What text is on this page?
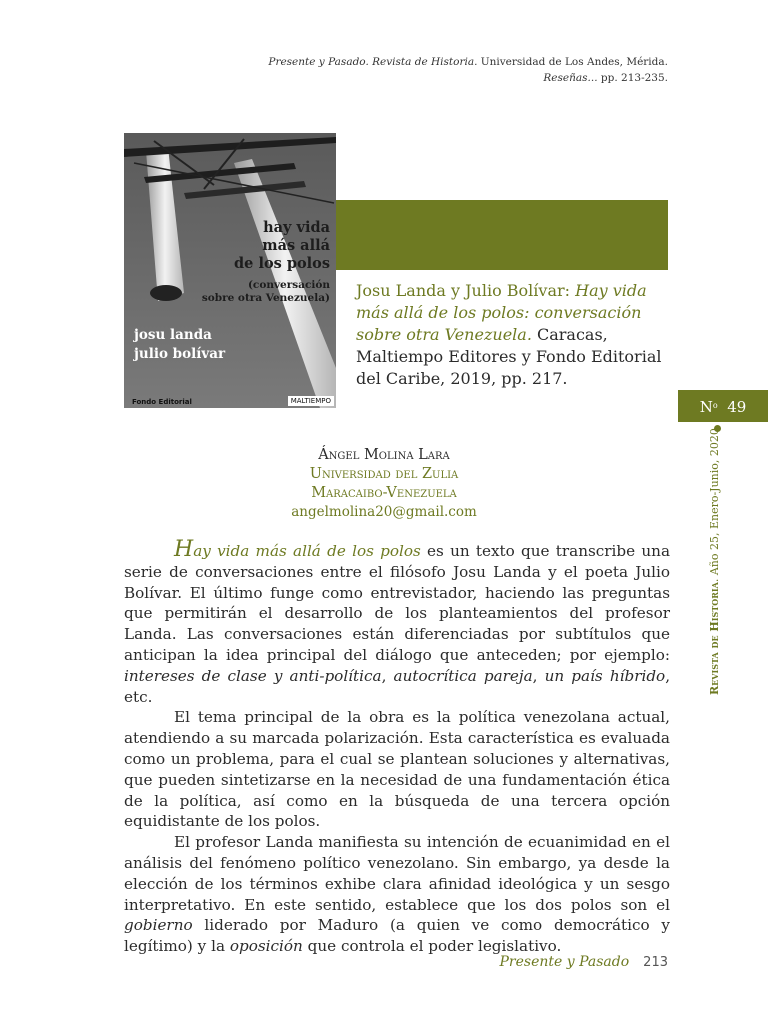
Presente y Pasado. Revista de Historia. Universidad de Los Andes, Mérida.
Reseñas... pp. 213-235.
hay vida
más allá
de los polos
(conversación
sobre otra Venezuela)
josu landa
julio bolívar
Fondo Editorial	MALTIEMPO
Josu Landa y Julio Bolívar: Hay vida más allá de los polos: conversación sobre otra Venezuela. Caracas, Maltiempo Editores y Fondo Editorial del Caribe, 2019, pp. 217.
$N^o$ 49
Revista de Historia. Año 25, Enero-Junio, 2020
Ángel Molina Lara
Universidad del Zulia
Maracaibo-Venezuela
angelmolina20@gmail.com

Hay vida más allá de los polos es un texto que transcribe una serie de conversaciones entre el filósofo Josu Landa y el poeta Julio Bolívar. El último funge como entrevistador, haciendo las preguntas que permitirán el desarrollo de los planteamientos del profesor Landa. Las conversaciones están diferenciadas por subtítulos que anticipan la idea principal del diálogo que anteceden; por ejemplo: intereses de clase y anti-política, autocrítica pareja, un país híbrido, etc.

El tema principal de la obra es la política venezolana actual, atendiendo a su marcada polarización. Esta característica es evaluada como un problema, para el cual se plantean soluciones y alternativas, que pueden sintetizarse en la necesidad de una fundamentación ética de la política, así como en la búsqueda de una tercera opción equidistante de los polos.

El profesor Landa manifiesta su intención de ecuanimidad en el análisis del fenómeno político venezolano. Sin embargo, ya desde la elección de los términos exhibe clara afinidad ideológica y un sesgo interpretativo. En este sentido, establece que los dos polos son el gobierno liderado por Maduro (a quien ve como democrático y legítimo) y la oposición que controla el poder legislativo.

Presente y Pasado 213
